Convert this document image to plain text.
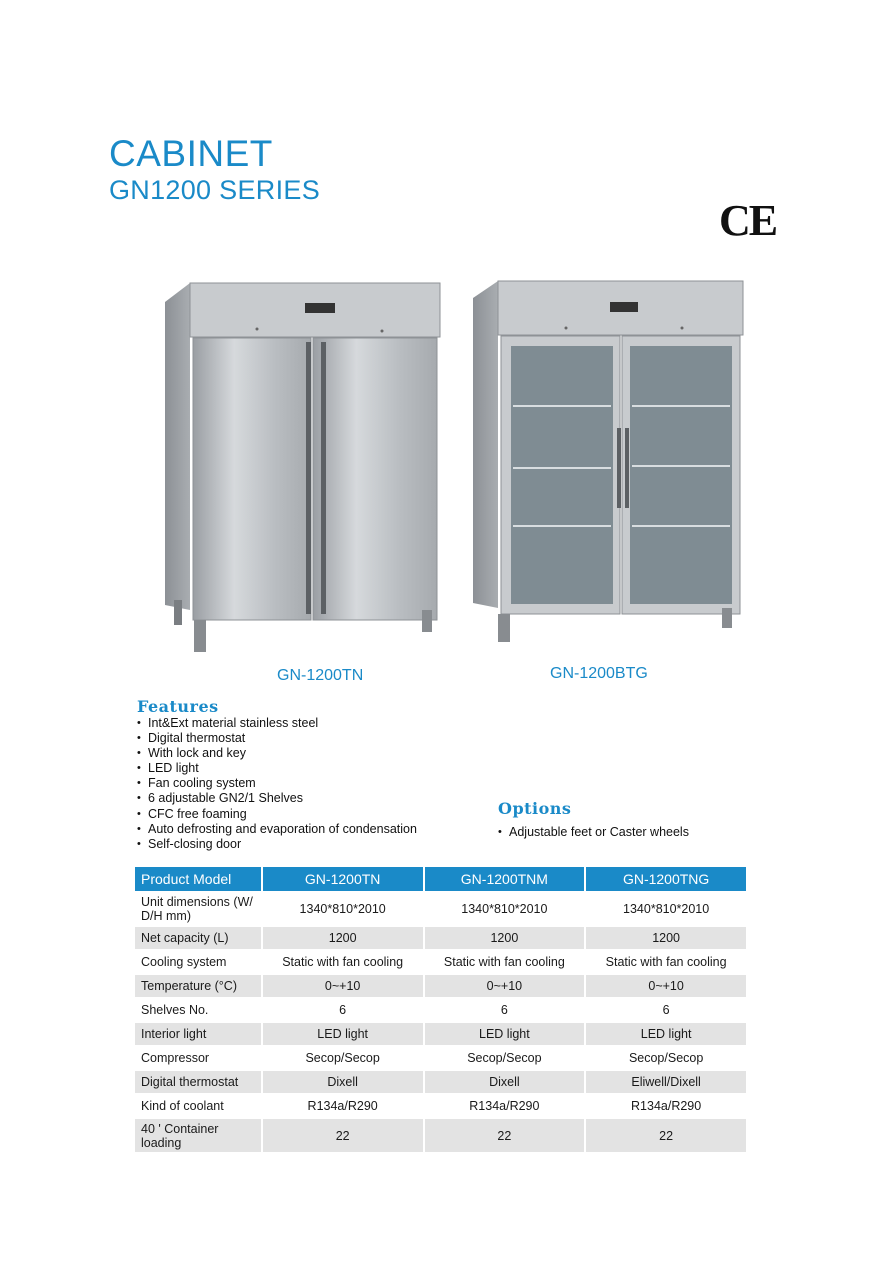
CABINET
GN1200 SERIES
CE
GN-1200TN	GN-1200BTG
Features
• Int&Ext material stainless steel
• Digital thermostat
• With lock and key
• LED light
• Fan cooling system
• 6 adjustable GN2/1 Shelves
• CFC free foaming
• Auto defrosting and evaporation of condensation
• Self-closing door
Options
• Adjustable feet or Caster wheels
Product Model	GN-1200TN	GN-1200TNM	GN-1200TNG
Unit dimensions (W/ D/H mm)	1340*810*2010	1340*810*2010	1340*810*2010
Net capacity (L)	1200	1200	1200
Cooling system	Static with fan cooling	Static with fan cooling	Static with fan cooling
Temperature (°C)	0~+10	0~+10	0~+10
Shelves No.	6	6	6
Interior light	LED light	LED light	LED light
Compressor	Secop/Secop	Secop/Secop	Secop/Secop
Digital thermostat	Dixell	Dixell	Eliwell/Dixell
Kind of coolant	R134a/R290	R134a/R290	R134a/R290
40 ' Container loading	22	22	22
